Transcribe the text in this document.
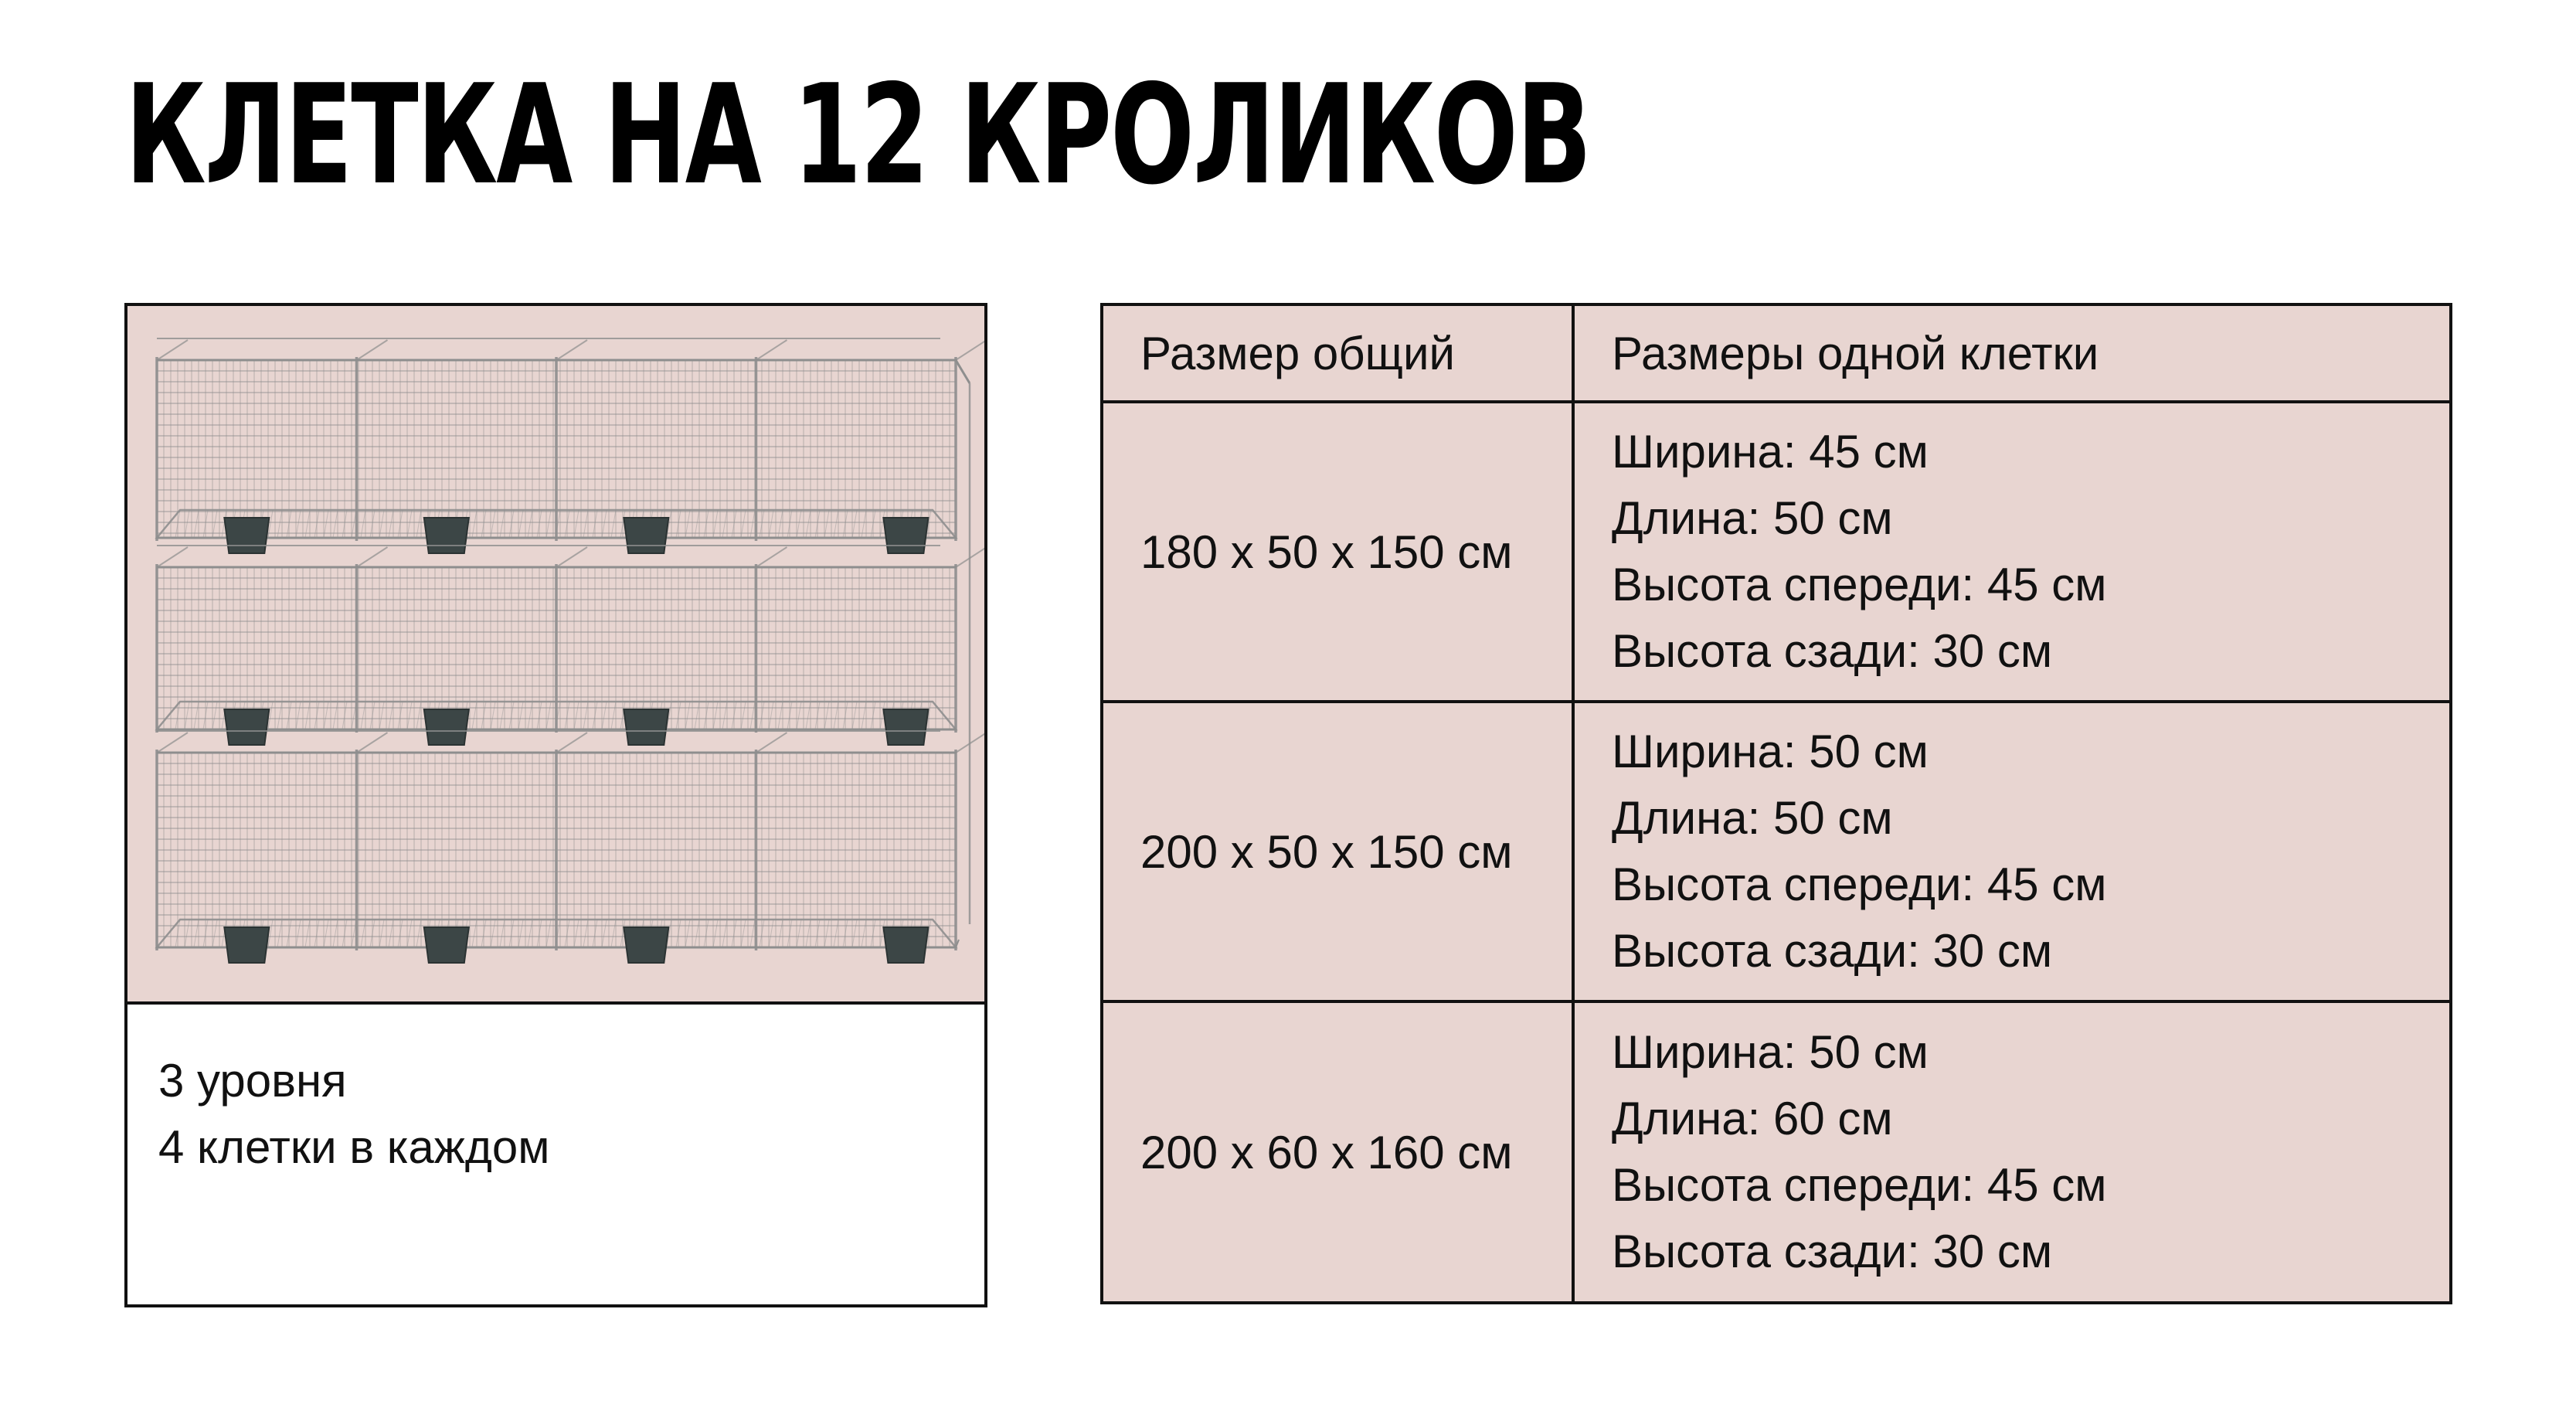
КЛЕТКА НА 12 КРОЛИКОВ
3 уровня
4 клетки в каждом
Размер общий	Размеры одной клетки
180 х 50 х 150 см	Ширина: 45 см
Длина: 50 см
Высота спереди: 45 см
Высота сзади: 30 см

200 х 50 х 150 см	Ширина: 50 см
Длина: 50 см
Высота спереди: 45 см
Высота сзади: 30 см

200 х 60 х 160 см	Ширина: 50 см
Длина: 60 см
Высота спереди: 45 см
Высота сзади: 30 см
